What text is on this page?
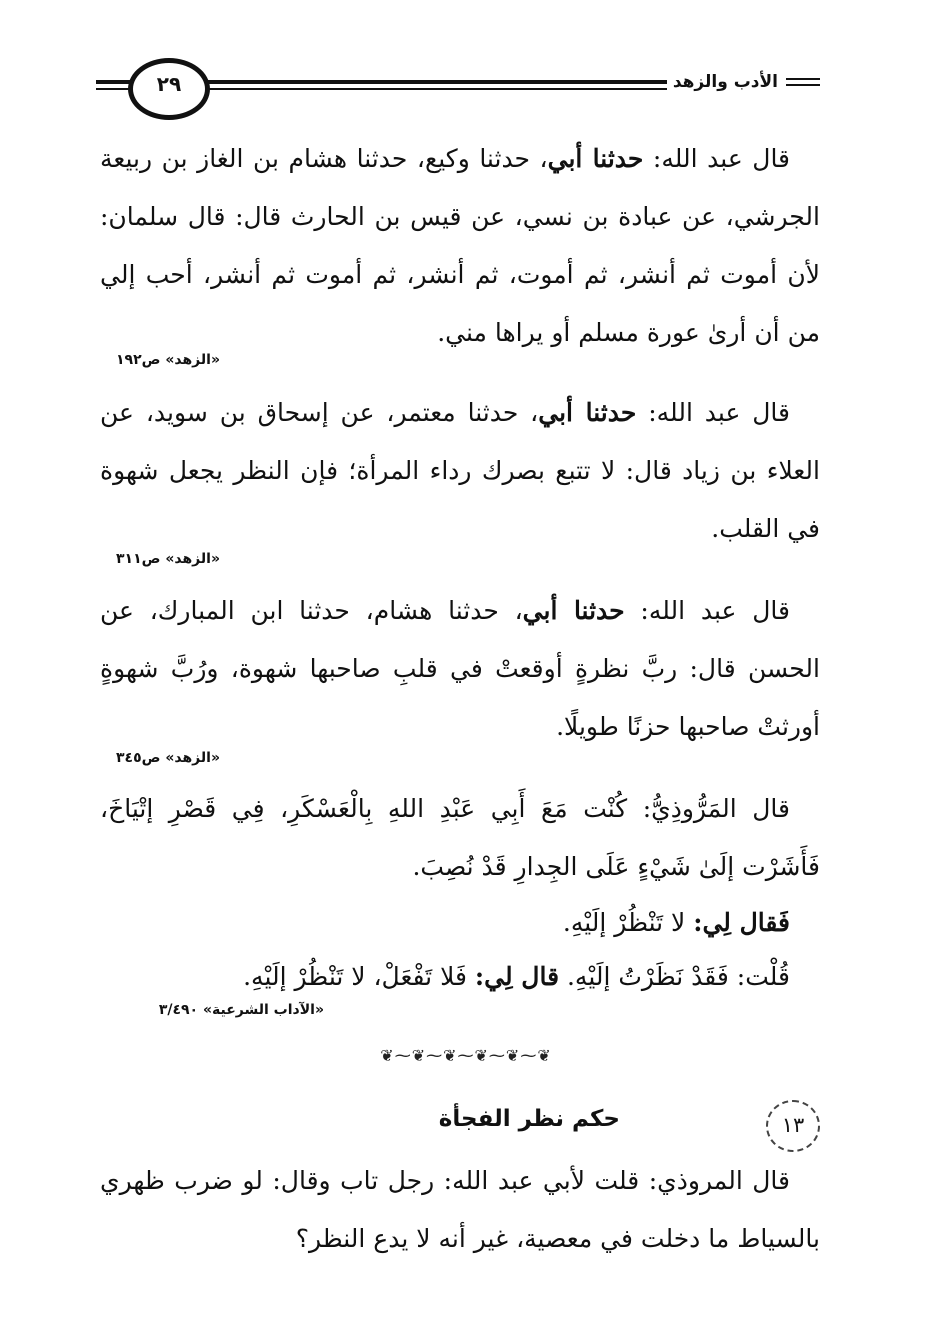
الأدب والزهد
٢٩

قال عبد الله: حدثنا أبي، حدثنا وكيع، حدثنا هشام بن الغاز بن ربيعة الجرشي، عن عبادة بن نسي، عن قيس بن الحارث قال: قال سلمان: لأن أموت ثم أنشر، ثم أموت، ثم أنشر، ثم أموت ثم أنشر، أحب إلي من أن أرىٰ عورة مسلم أو يراها مني.

«الزهد» ص١٩٢

قال عبد الله: حدثنا أبي، حدثنا معتمر، عن إسحاق بن سويد، عن العلاء بن زياد قال: لا تتبع بصرك رداء المرأة؛ فإن النظر يجعل شهوة في القلب.

«الزهد» ص٣١١

قال عبد الله: حدثنا أبي، حدثنا هشام، حدثنا ابن المبارك، عن الحسن قال: ربَّ نظرةٍ أوقعتْ في قلبِ صاحبها شهوة، ورُبَّ شهوةٍ أورثتْ صاحبها حزنًا طويلًا.

«الزهد» ص٣٤٥

قال المَرُّوذِيُّ: كُنْت مَعَ أَبِي عَبْدِ اللهِ بِالْعَسْكَرِ، فِي قَصْرِ إتْيَاخَ، فَأَشَرْت إلَىٰ شَيْءٍ عَلَى الجِدارِ قَدْ نُصِبَ.

فَقال لِي: لا تَنْظُرْ إلَيْهِ.

قُلْت: فَقَدْ نَظَرْتُ إلَيْهِ. قال لِي: فَلا تَفْعَلْ، لا تَنْظُرْ إلَيْهِ.

«الآداب الشرعية» ٣/٤٩٠

❦⁓❦⁓❦⁓❦⁓❦⁓❦
١٣
حكم نظر الفجأة

قال المروذي: قلت لأبي عبد الله: رجل تاب وقال: لو ضرب ظهري بالسياط ما دخلت في معصية، غير أنه لا يدع النظر؟
